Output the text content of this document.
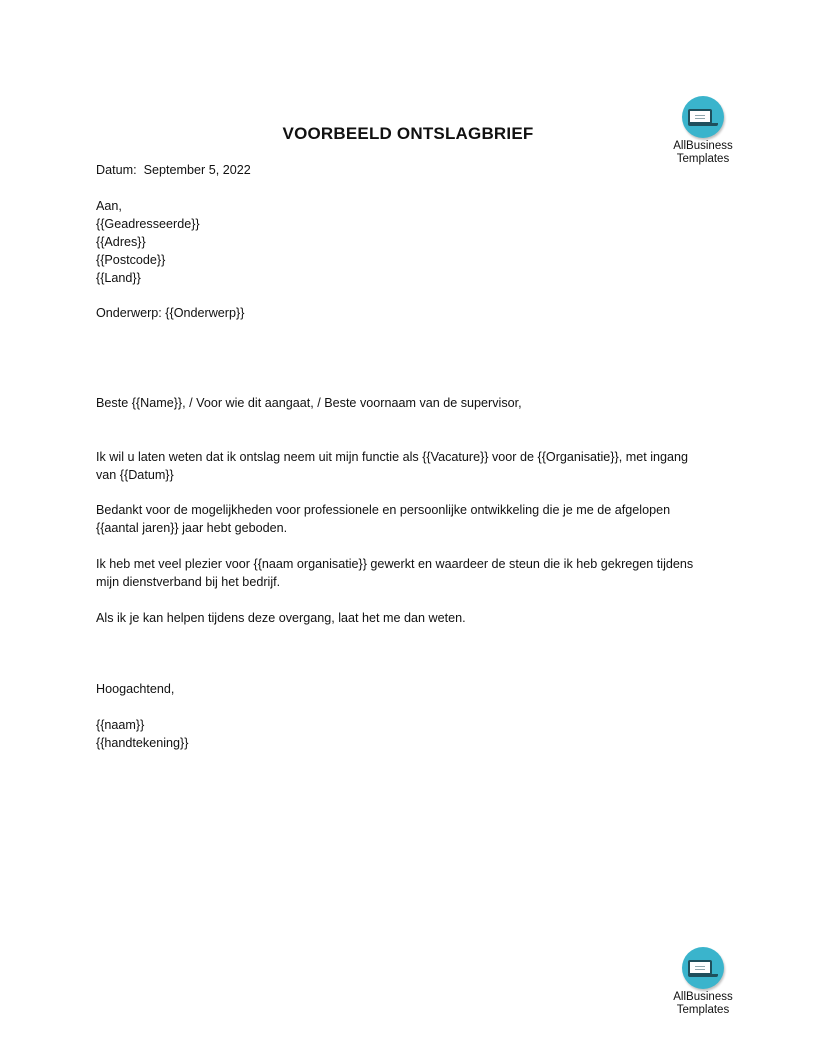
AllBusiness
Templates
VOORBEELD ONTSLAGBRIEF
Datum: September 5, 2022
Aan,
{{Geadresseerde}}
{{Adres}}
{{Postcode}}
{{Land}}
Onderwerp: {{Onderwerp}}
Beste {{Name}}, / Voor wie dit aangaat, / Beste voornaam van de supervisor,
Ik wil u laten weten dat ik ontslag neem uit mijn functie als {{Vacature}} voor de {{Organisatie}}, met ingang
van {{Datum}}
Bedankt voor de mogelijkheden voor professionele en persoonlijke ontwikkeling die je me de afgelopen
{{aantal jaren}} jaar hebt geboden.
Ik heb met veel plezier voor {{naam organisatie}} gewerkt en waardeer de steun die ik heb gekregen tijdens
mijn dienstverband bij het bedrijf.
Als ik je kan helpen tijdens deze overgang, laat het me dan weten.
Hoogachtend,
{{naam}}
{{handtekening}}
AllBusiness
Templates
